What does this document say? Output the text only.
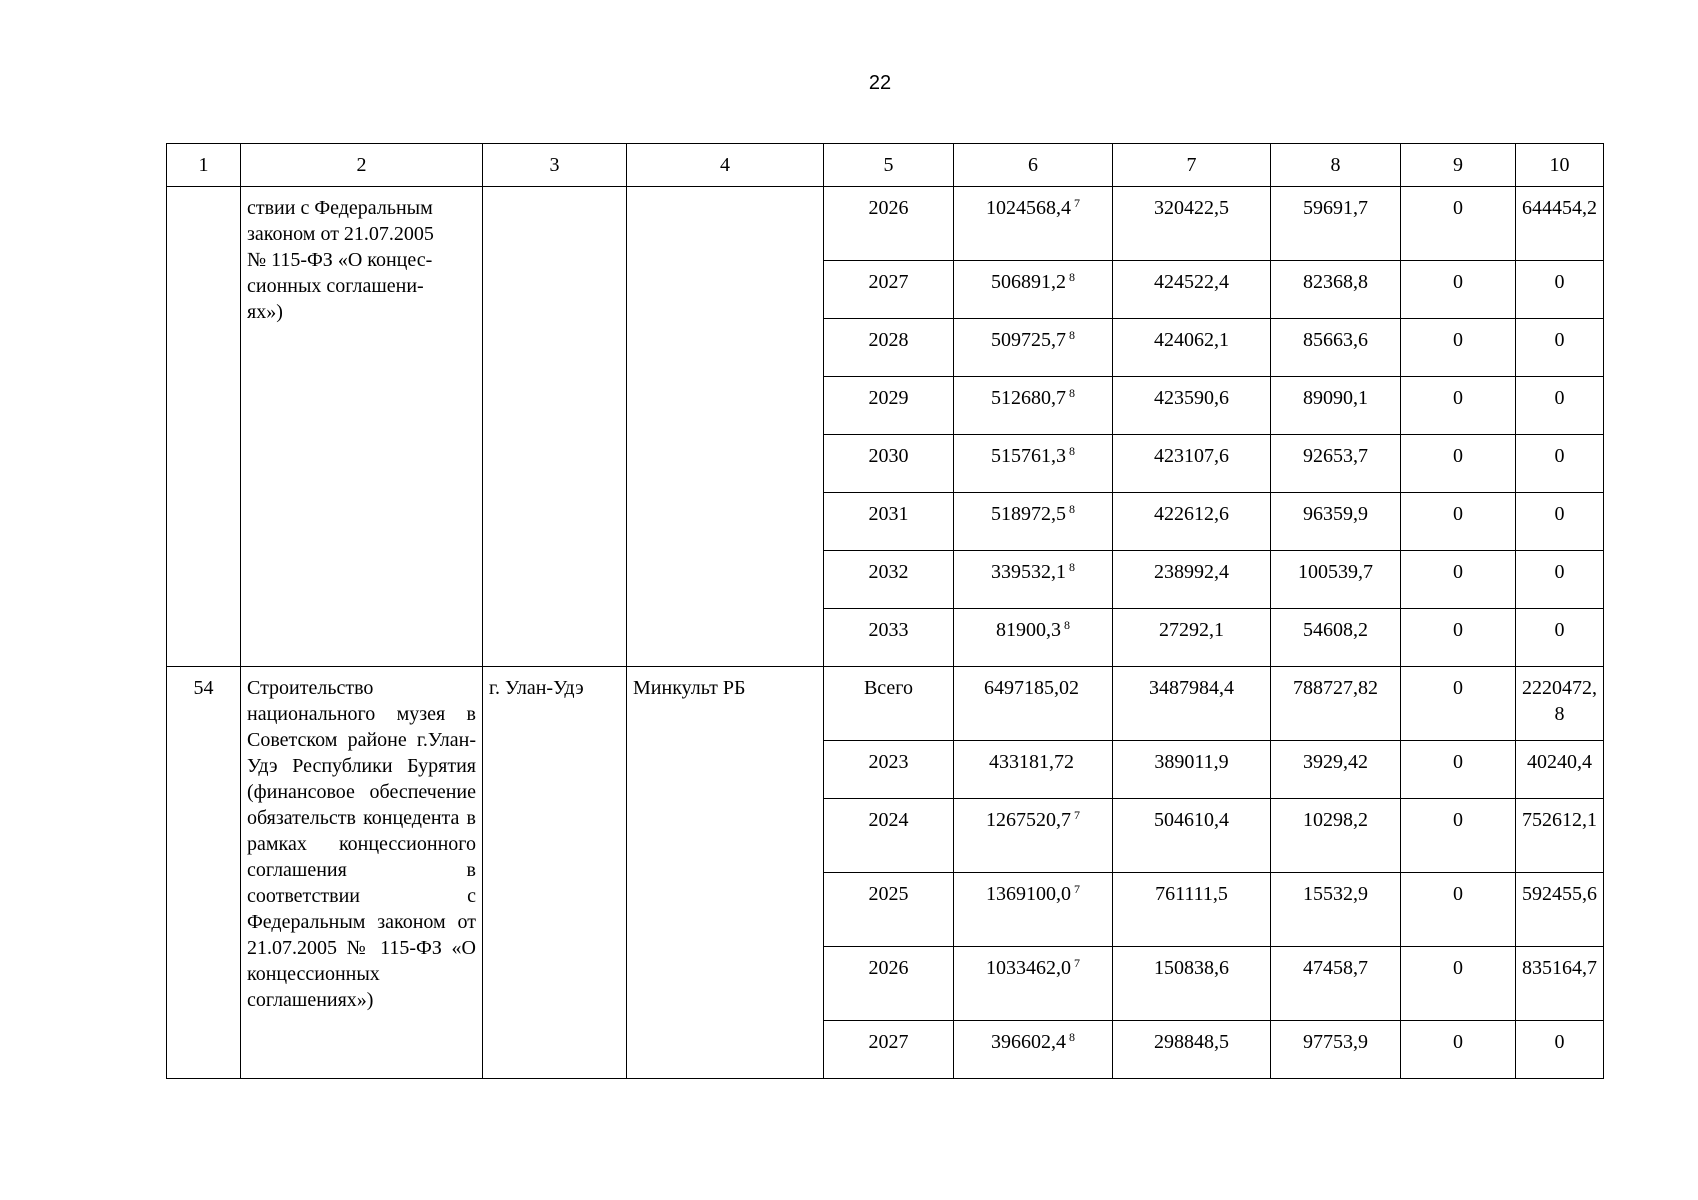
22
1	2	3	4	5	6	7	8	9	10

	ствии с Федеральным
законом от 21.07.2005
№ 115-ФЗ «О концес-
сионных соглашени-
ях»)			2026	1024568,4 $^7$	320422,5	59691,7	0	644454,2
				2027	506891,2 $^8$	424522,4	82368,8	0	0
				2028	509725,7 $^8$	424062,1	85663,6	0	0
				2029	512680,7 $^8$	423590,6	89090,1	0	0
				2030	515761,3 $^8$	423107,6	92653,7	0	0
				2031	518972,5 $^8$	422612,6	96359,9	0	0
				2032	339532,1 $^8$	238992,4	100539,7	0	0
				2033	81900,3 $^8$	27292,1	54608,2	0	0
54	Строительство национального музея в Советском районе г.Улан-Удэ Республики Бурятия (финансовое обеспечение обязательств концедента в рамках концессионного соглашения в соответствии с Федеральным законом от 21.07.2005 № 115-ФЗ «О концессионных соглашениях»)	г. Улан-Удэ	Минкульт РБ	Всего	6497185,02	3487984,4	788727,82	0	2220472,8
				2023	433181,72	389011,9	3929,42	0	40240,4
				2024	1267520,7 $^7$	504610,4	10298,2	0	752612,1
				2025	1369100,0 $^7$	761111,5	15532,9	0	592455,6
				2026	1033462,0 $^7$	150838,6	47458,7	0	835164,7
				2027	396602,4 $^8$	298848,5	97753,9	0	0
